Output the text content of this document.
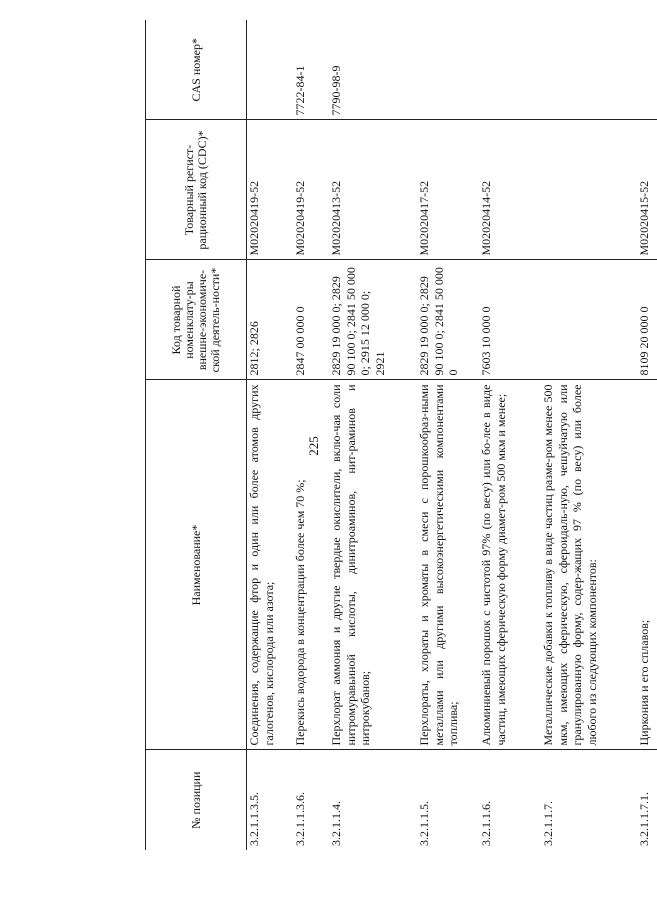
225
№ позиции	Наименование*	Код товарной номенклату-ры внешне-экономиче-ской деятель-ности*	Товарный регист-рационный код (CDC)*	CAS номер*
3.2.1.1.3.5.	Соединения, содержащие фтор и один или более атомов других галогенов, кислорода или азота;	2812; 2826	M02020419-52	
3.2.1.1.3.6.	Перекись водорода в концентрации более чем 70 %;	2847 00 000 0	M02020419-52	7722-84-1
3.2.1.1.4.	Перхлорат аммония и другие твердые окислители, вклю-чая соли нитромуравьиной кислоты, динитроаминов, нит-раминов и нитрокубанов;	2829 19 000 0; 2829 90 100 0; 2841 50 000 0; 2915 12 000 0; 2921	M02020413-52	7790-98-9
3.2.1.1.5.	Перхлораты, хлораты и хроматы в смеси с порошкообраз-ными металлами или другими высокоэнергетическими компонентами топлива;	2829 19 000 0; 2829 90 100 0; 2841 50 000 0	M02020417-52	
3.2.1.1.6.	Алюминиевый порошок с чистотой 97% (по весу) или бо-лее в виде частиц, имеющих сферическую форму диамет-ром 500 мкм и менее;	7603 10 000 0	M02020414-52	
3.2.1.1.7.	Металлические добавки к топливу в виде частиц разме-ром менее 500 мкм, имеющих сферическую, сфероидаль-ную, чешуйчатую или гранулированную форму, содер-жащих 97 % (по весу) или более любого из следующих компонентов:			
3.2.1.1.7.1.	Циркония и его сплавов;	8109 20 000 0	M02020415-52	
